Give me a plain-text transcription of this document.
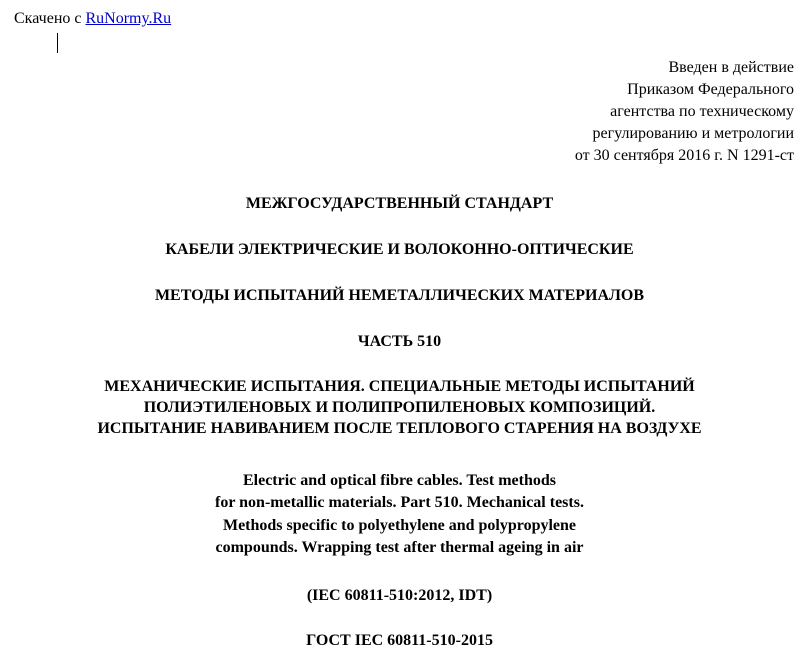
Скачено с RuNormy.Ru
Введен в действие
Приказом Федерального
агентства по техническому
регулированию и метрологии
от 30 сентября 2016 г. N 1291-ст
МЕЖГОСУДАРСТВЕННЫЙ СТАНДАРТ
КАБЕЛИ ЭЛЕКТРИЧЕСКИЕ И ВОЛОКОННО-ОПТИЧЕСКИЕ
МЕТОДЫ ИСПЫТАНИЙ НЕМЕТАЛЛИЧЕСКИХ МАТЕРИАЛОВ
ЧАСТЬ 510
МЕХАНИЧЕСКИЕ ИСПЫТАНИЯ. СПЕЦИАЛЬНЫЕ МЕТОДЫ ИСПЫТАНИЙ
ПОЛИЭТИЛЕНОВЫХ И ПОЛИПРОПИЛЕНОВЫХ КОМПОЗИЦИЙ.
ИСПЫТАНИЕ НАВИВАНИЕМ ПОСЛЕ ТЕПЛОВОГО СТАРЕНИЯ НА ВОЗДУХЕ
Electric and optical fibre cables. Test methods
for non-metallic materials. Part 510. Mechanical tests.
Methods specific to polyethylene and polypropylene
compounds. Wrapping test after thermal ageing in air
(IEC 60811-510:2012, IDT)
ГОСТ IEC 60811-510-2015
